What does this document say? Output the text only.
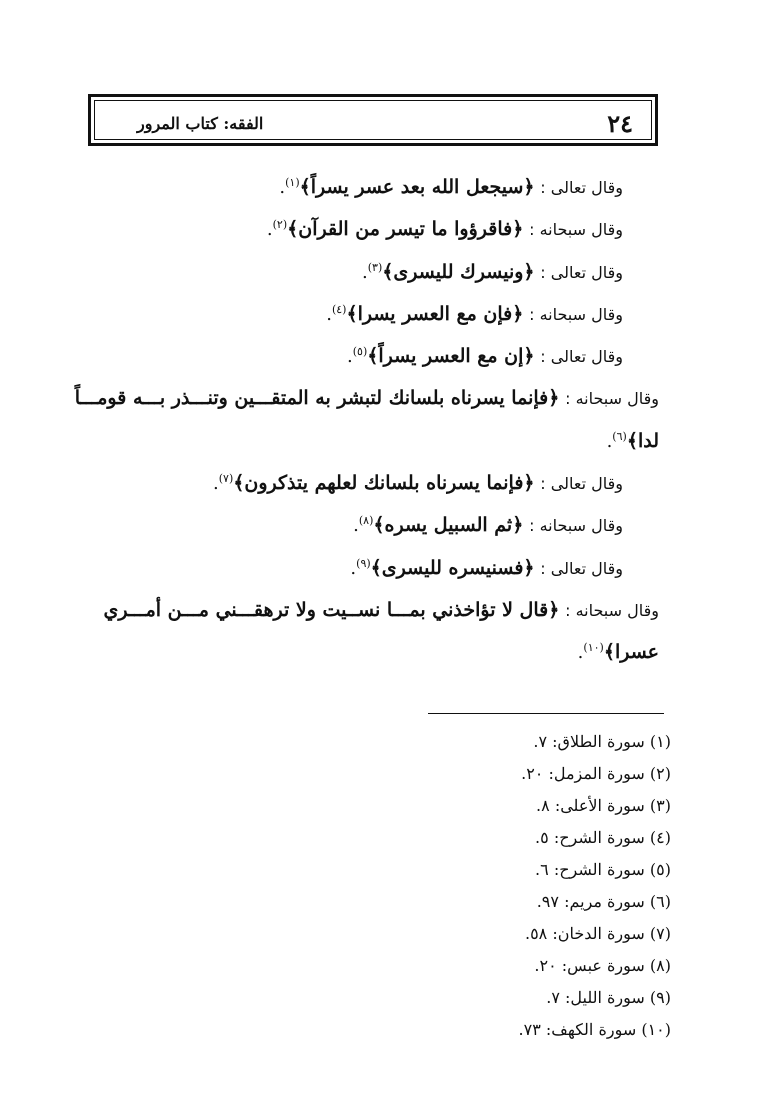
٢٤
الفقه: كتاب المرور
وقال تعالى : ﴿سيجعل الله بعد عسر يسراً﴾$^{(١)}$.
وقال سبحانه : ﴿فاقرؤوا ما تيسر من القرآن﴾$^{(٢)}$.
وقال تعالى : ﴿ونيسرك لليسرى﴾$^{(٣)}$.
وقال سبحانه : ﴿فإن مع العسر يسرا﴾$^{(٤)}$.
وقال تعالى : ﴿إن مع العسر يسراً﴾$^{(٥)}$.
وقال سبحانه : ﴿فإنما يسرناه بلسانك لتبشر به المتقـــين وتنـــذر بـــه قومـــاً
لدا﴾$^{(٦)}$.
وقال تعالى : ﴿فإنما يسرناه بلسانك لعلهم يتذكرون﴾$^{(٧)}$.
وقال سبحانه : ﴿ثم السبيل يسره﴾$^{(٨)}$.
وقال تعالى : ﴿فسنيسره لليسرى﴾$^{(٩)}$.
وقال سبحانه : ﴿قال لا تؤاخذني بمـــا نســيت ولا ترهقـــني مـــن أمـــري
عسرا﴾$^{(١٠)}$.
(١) سورة الطلاق: ٧.
(٢) سورة المزمل: ٢٠.
(٣) سورة الأعلى: ٨.
(٤) سورة الشرح: ٥.
(٥) سورة الشرح: ٦.
(٦) سورة مريم: ٩٧.
(٧) سورة الدخان: ٥٨.
(٨) سورة عبس: ٢٠.
(٩) سورة الليل: ٧.
(١٠) سورة الكهف: ٧٣.
